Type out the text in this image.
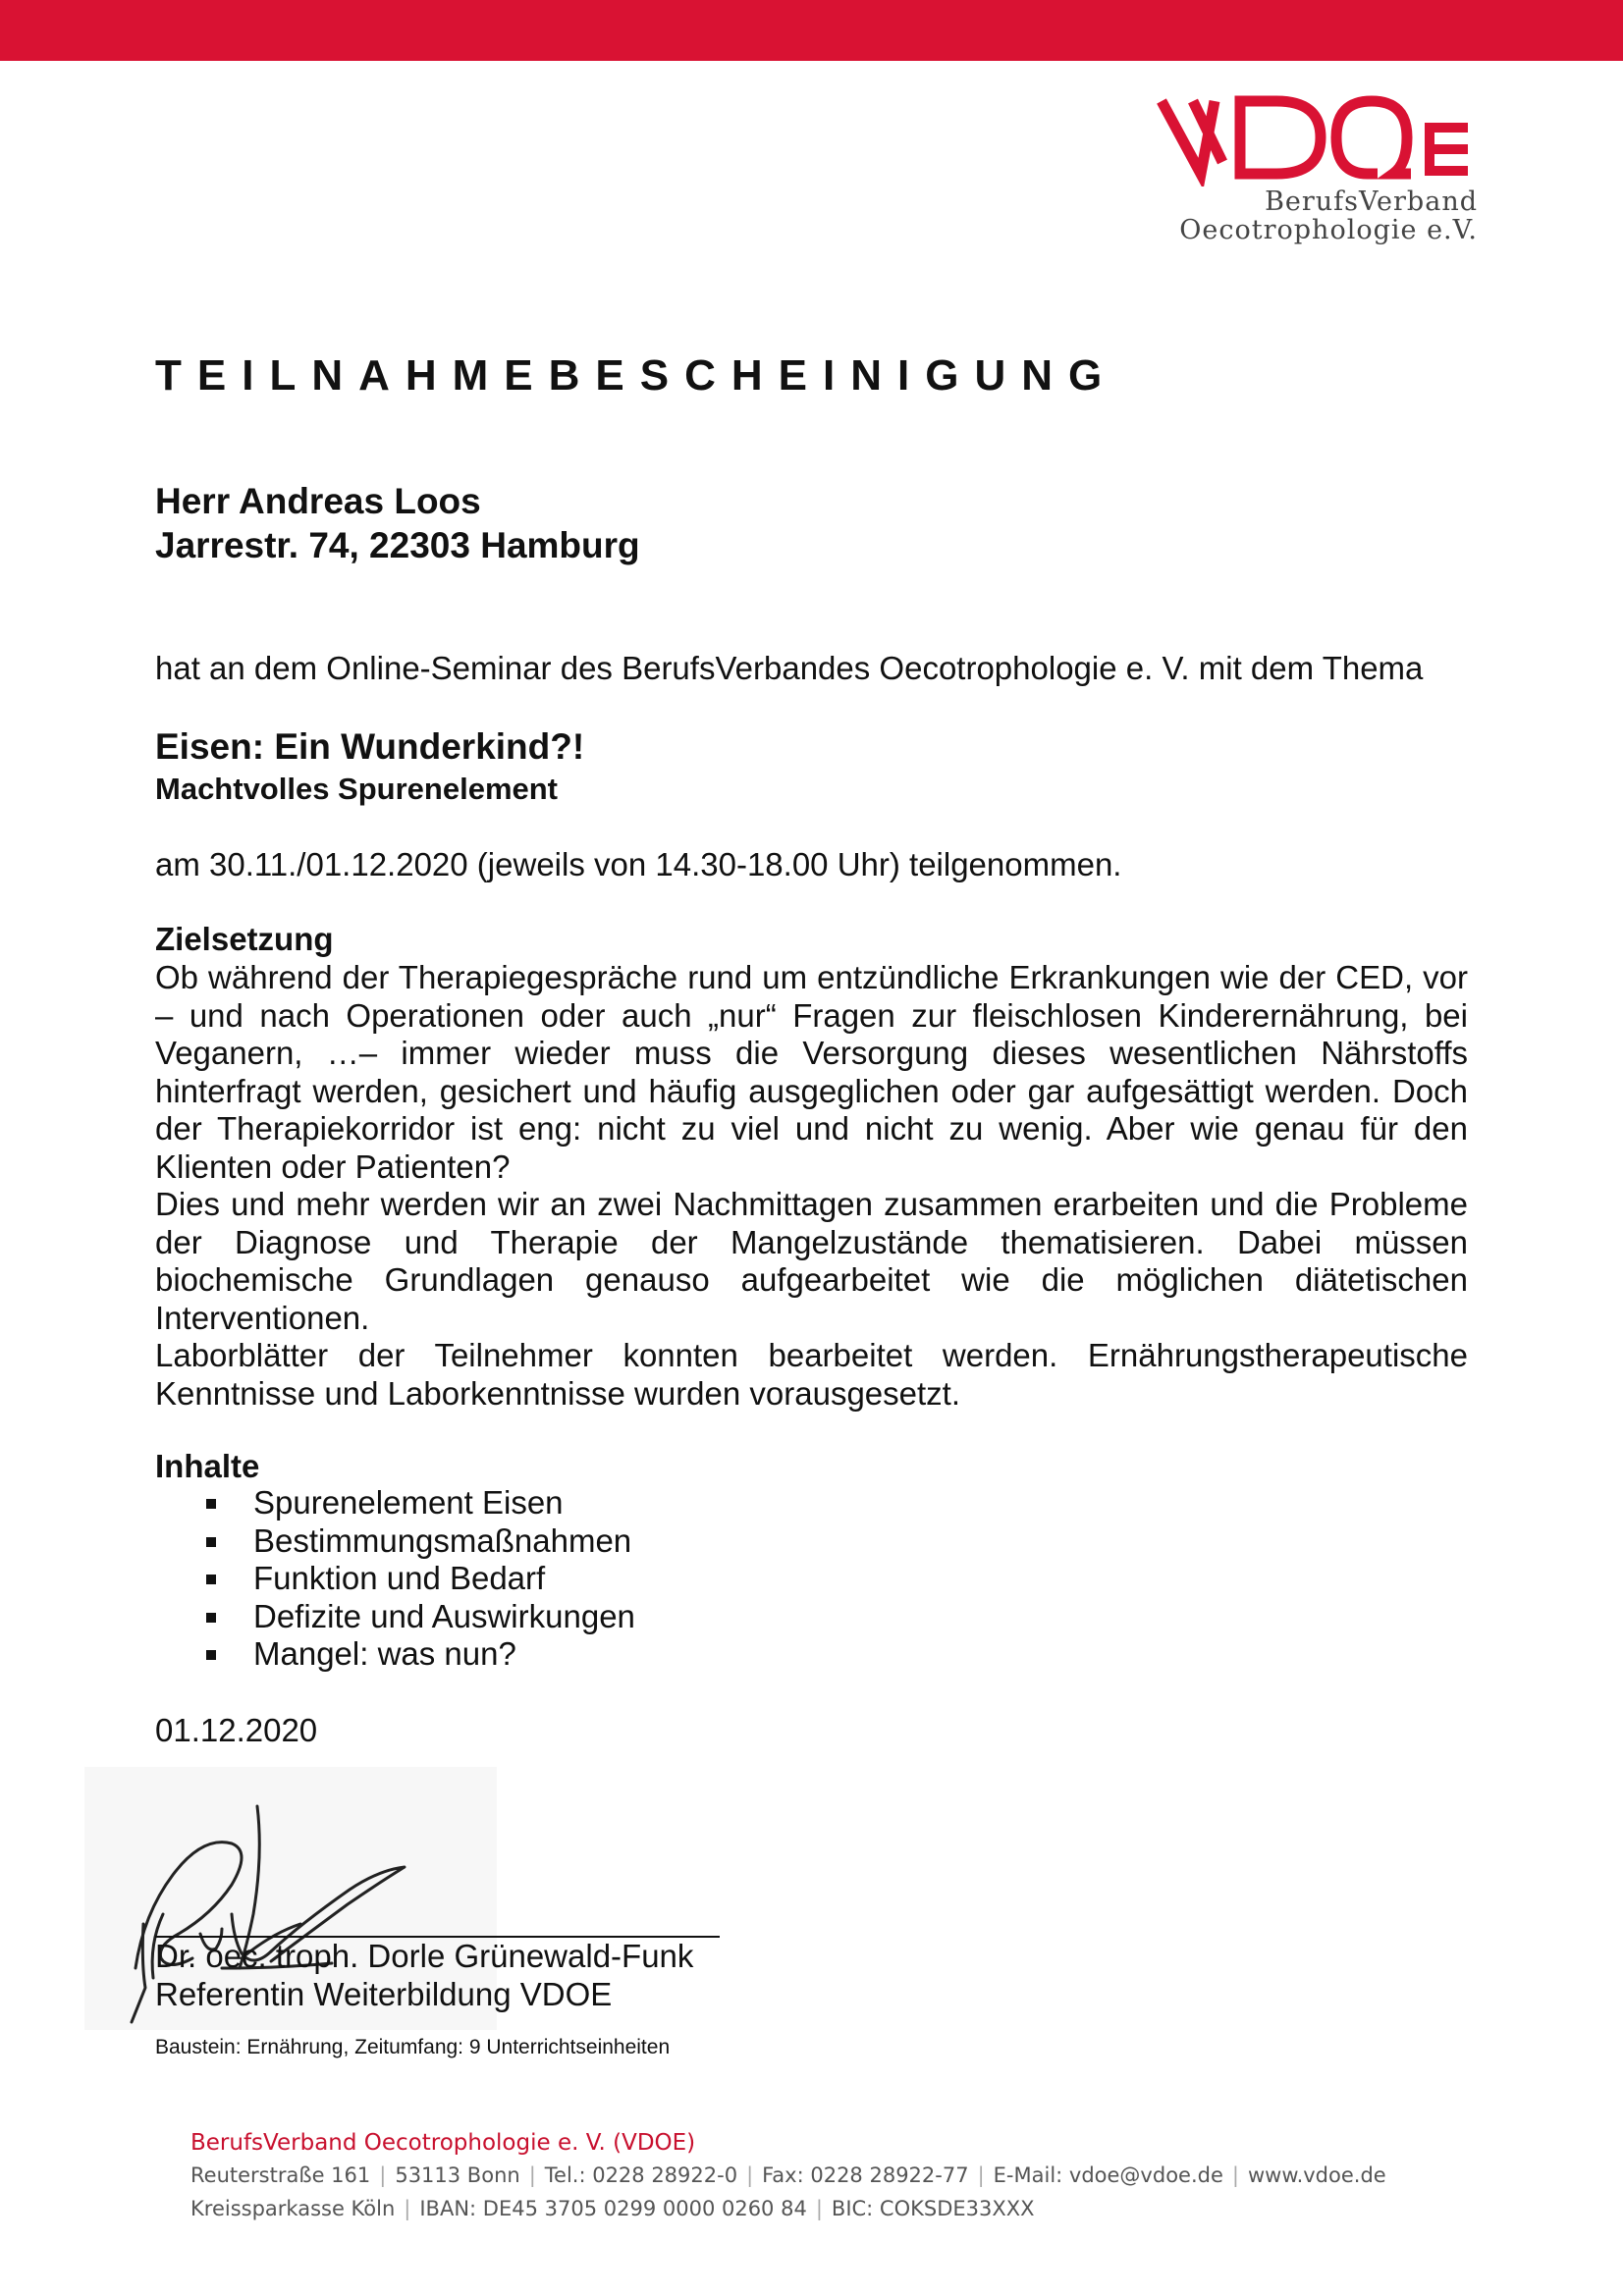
BerufsVerband
Oecotrophologie e.V.
TEILNAHMEBESCHEINIGUNG
Herr Andreas Loos
Jarrestr. 74, 22303 Hamburg
hat an dem Online-Seminar des BerufsVerbandes Oecotrophologie e. V. mit dem Thema
Eisen: Ein Wunderkind?!
Machtvolles Spurenelement
am 30.11./01.12.2020 (jeweils von 14.30-18.00 Uhr) teilgenommen.
Zielsetzung

Ob während der Therapiegespräche rund um entzündliche Erkrankungen wie der CED, vor – und nach Operationen oder auch „nur“ Fragen zur fleischlosen Kinderernährung, bei Veganern, …– immer wieder muss die Versorgung dieses wesentlichen Nährstoffs hinterfragt werden, gesichert und häufig ausgeglichen oder gar aufgesättigt werden. Doch der Therapiekorridor ist eng: nicht zu viel und nicht zu wenig. Aber wie genau für den Klienten oder Patienten?

Dies und mehr werden wir an zwei Nachmittagen zusammen erarbeiten und die Probleme der Diagnose und Therapie der Mangelzustände thematisieren. Dabei müssen biochemische Grundlagen genauso aufgearbeitet wie die möglichen diätetischen Interventionen.

Laborblätter der Teilnehmer konnten bearbeitet werden. Ernährungstherapeutische Kenntnisse und Laborkenntnisse wurden vorausgesetzt.

Inhalte
Spurenelement Eisen
Bestimmungsmaßnahmen
Funktion und Bedarf
Defizite und Auswirkungen
Mangel: was nun?
01.12.2020
Dr. oec. troph. Dorle Grünewald-Funk
Referentin Weiterbildung VDOE
Baustein: Ernährung, Zeitumfang: 9 Unterrichtseinheiten
BerufsVerband Oecotrophologie e. V. (VDOE)
Reuterstraße 161 | 53113 Bonn | Tel.: 0228 28922-0 | Fax: 0228 28922-77 | E-Mail: vdoe@vdoe.de | www.vdoe.de
Kreissparkasse Köln | IBAN: DE45 3705 0299 0000 0260 84 | BIC: COKSDE33XXX
